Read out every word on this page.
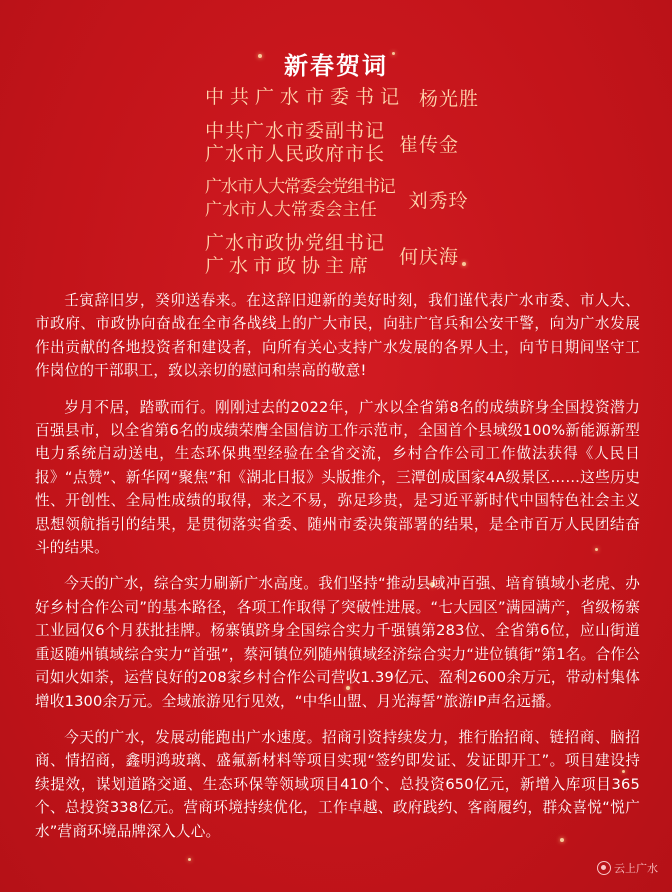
新春贺词
中共广水市委书记 杨光胜
中共广水市委副书记
广水市人民政府市长 崔传金
广水市人大常委会党组书记
广水市人大常委会主任	刘秀玲
广水市政协党组书记
广水市政协主席	何庆海

壬寅辞旧岁，癸卯送春来。在这辞旧迎新的美好时刻，我们谨代表广水市委、市人大、市政府、市政协向奋战在全市各战线上的广大市民，向驻广官兵和公安干警，向为广水发展作出贡献的各地投资者和建设者，向所有关心支持广水发展的各界人士，向节日期间坚守工作岗位的干部职工，致以亲切的慰问和崇高的敬意!

岁月不居，踏歌而行。刚刚过去的2022年，广水以全省第8名的成绩跻身全国投资潜力百强县市，以全省第6名的成绩荣膺全国信访工作示范市，全国首个县域级100%新能源新型电力系统启动送电，生态环保典型经验在全省交流，乡村合作公司工作做法获得《人民日报》“点赞”、新华网“聚焦”和《湖北日报》头版推介，三潭创成国家4A级景区……这些历史性、开创性、全局性成绩的取得，来之不易，弥足珍贵，是习近平新时代中国特色社会主义思想领航指引的结果，是贯彻落实省委、随州市委决策部署的结果，是全市百万人民团结奋斗的结果。

今天的广水，综合实力刷新广水高度。我们坚持“推动县域冲百强、培育镇域小老虎、办好乡村合作公司”的基本路径，各项工作取得了突破性进展。“七大园区”满园满产，省级杨寨工业园仅6个月获批挂牌。杨寨镇跻身全国综合实力千强镇第283位、全省第6位，应山街道重返随州镇域综合实力“首强”，蔡河镇位列随州镇域经济综合实力“进位镇街”第1名。合作公司如火如荼，运营良好的208家乡村合作公司营收1.39亿元、盈利2600余万元，带动村集体增收1300余万元。全域旅游见行见效，“中华山盟、月光海誓”旅游IP声名远播。

今天的广水，发展动能跑出广水速度。招商引资持续发力，推行胎招商、链招商、脑招商、情招商，鑫明鸿玻璃、盛氟新材料等项目实现“签约即发证、发证即开工”。项目建设持续提效，谋划道路交通、生态环保等领域项目410个、总投资650亿元，新增入库项目365个、总投资338亿元。营商环境持续优化，工作卓越、政府践约、客商履约，群众喜悦“悦广水”营商环境品牌深入人心。

云上广水
